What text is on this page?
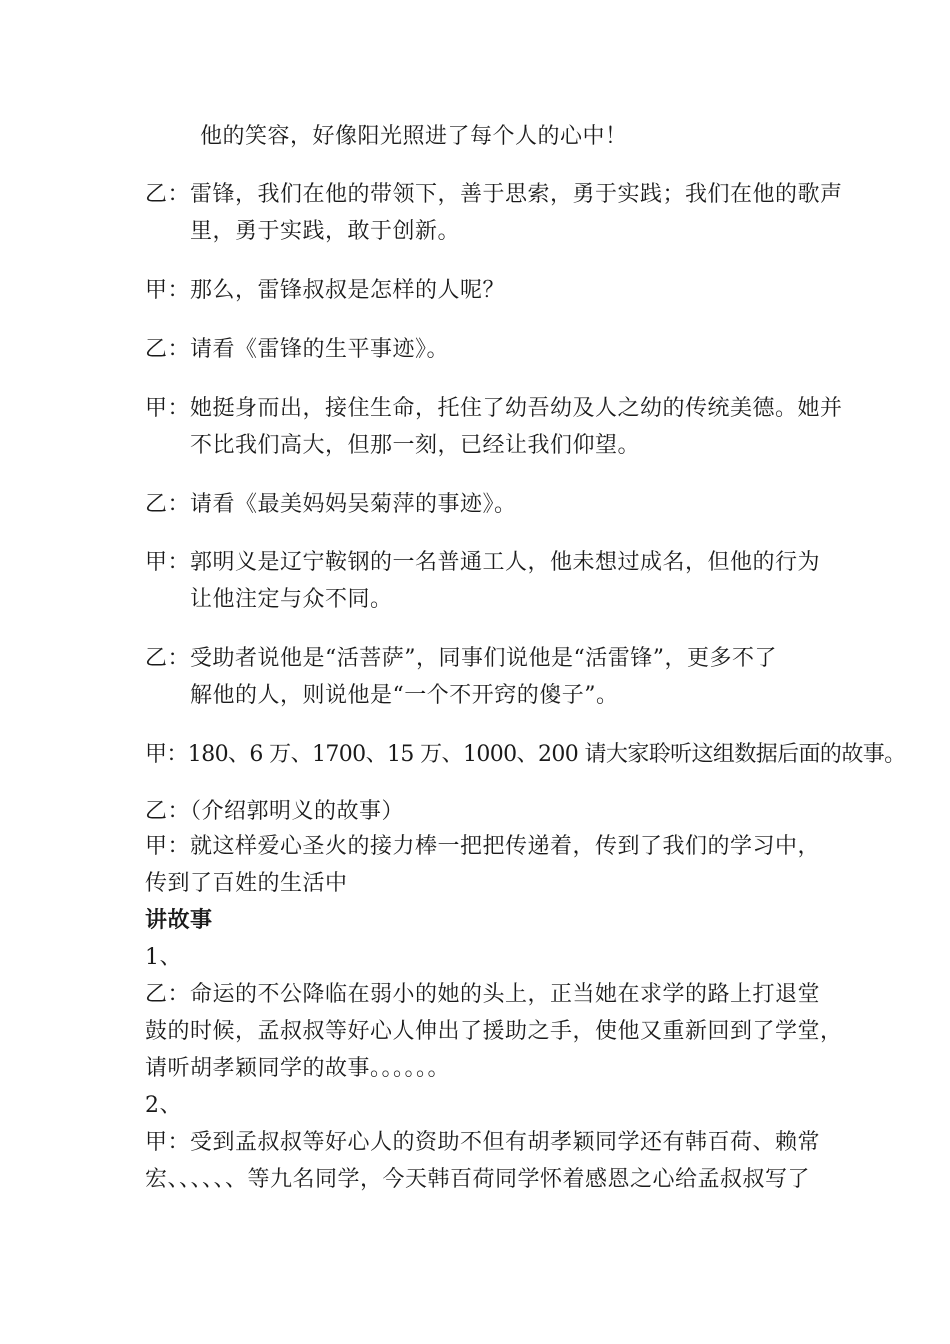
他的笑容，好像阳光照进了每个人的心中！
乙：雷锋，我们在他的带领下，善于思索，勇于实践；我们在他的歌声
里，勇于实践，敢于创新。
甲：那么，雷锋叔叔是怎样的人呢？
乙：请看《雷锋的生平事迹》。
甲：她挺身而出，接住生命，托住了幼吾幼及人之幼的传统美德。她并
不比我们高大，但那一刻，已经让我们仰望。
乙：请看《最美妈妈吴菊萍的事迹》。
甲：郭明义是辽宁鞍钢的一名普通工人，他未想过成名，但他的行为
让他注定与众不同。
乙：受助者说他是“活菩萨”，同事们说他是“活雷锋”，更多不了
解他的人，则说他是“一个不开窍的傻子”。
甲：180、6 万、1700、15 万、1000、200 请大家聆听这组数据后面的故事。
乙：（介绍郭明义的故事）
甲：就这样爱心圣火的接力棒一把把传递着，传到了我们的学习中，
传到了百姓的生活中
讲故事
1、
乙：命运的不公降临在弱小的她的头上，正当她在求学的路上打退堂
鼓的时候，孟叔叔等好心人伸出了援助之手，使他又重新回到了学堂，
请听胡孝颖同学的故事。。。。。。
2、
甲：受到孟叔叔等好心人的资助不但有胡孝颖同学还有韩百荷、赖常
宏、、、、、、等九名同学，今天韩百荷同学怀着感恩之心给孟叔叔写了
